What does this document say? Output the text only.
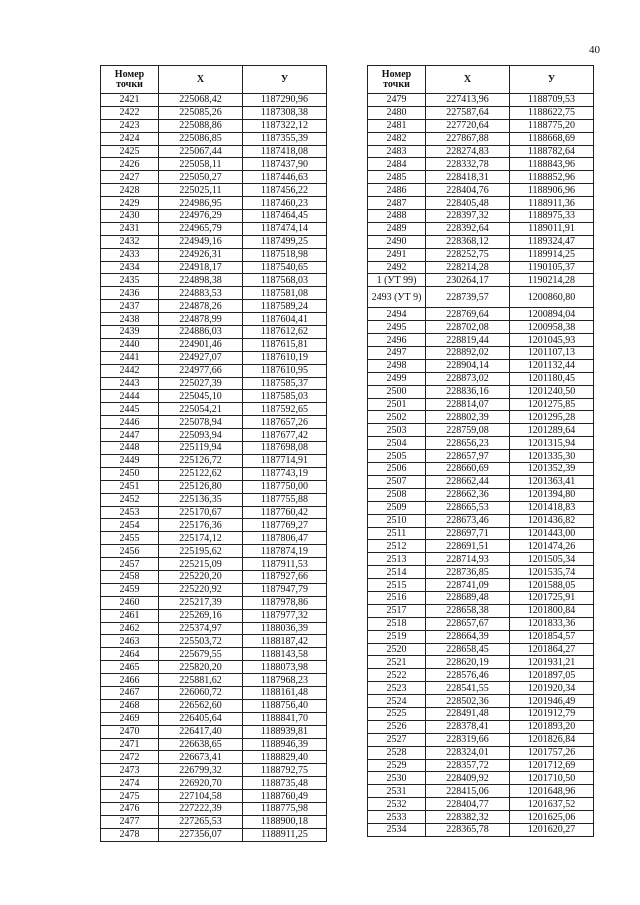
40
Номер точки	X	У
2421	225068,42	1187290,96
2422	225085,26	1187308,38
2423	225088,86	1187322,12
2424	225086,85	1187355,39
2425	225067,44	1187418,08
2426	225058,11	1187437,90
2427	225050,27	1187446,63
2428	225025,11	1187456,22
2429	224986,95	1187460,23
2430	224976,29	1187464,45
2431	224965,79	1187474,14
2432	224949,16	1187499,25
2433	224926,31	1187518,98
2434	224918,17	1187540,65
2435	224898,38	1187568,03
2436	224883,53	1187581,08
2437	224878,26	1187589,24
2438	224878,99	1187604,41
2439	224886,03	1187612,62
2440	224901,46	1187615,81
2441	224927,07	1187610,19
2442	224977,66	1187610,95
2443	225027,39	1187585,37
2444	225045,10	1187585,03
2445	225054,21	1187592,65
2446	225078,94	1187657,26
2447	225093,94	1187677,42
2448	225119,94	1187698,08
2449	225126,72	1187714,91
2450	225122,62	1187743,19
2451	225126,80	1187750,00
2452	225136,35	1187755,88
2453	225170,67	1187760,42
2454	225176,36	1187769,27
2455	225174,12	1187806,47
2456	225195,62	1187874,19
2457	225215,09	1187911,53
2458	225220,20	1187927,66
2459	225220,92	1187947,79
2460	225217,39	1187978,86
2461	225269,16	1187977,32
2462	225374,97	1188036,39
2463	225503,72	1188187,42
2464	225679,55	1188143,58
2465	225820,20	1188073,98
2466	225881,62	1187968,23
2467	226060,72	1188161,48
2468	226562,60	1188756,40
2469	226405,64	1188841,70
2470	226417,40	1188939,81
2471	226638,65	1188946,39
2472	226673,41	1188829,40
2473	226799,32	1188792,75
2474	226920,70	1188735,48
2475	227104,58	1188760,49
2476	227222,39	1188775,98
2477	227265,53	1188900,18
2478	227356,07	1188911,25
Номер точки	X	У
2479	227413,96	1188709,53
2480	227587,64	1188622,75
2481	227720,64	1188775,20
2482	227867,88	1188668,69
2483	228274,83	1188782,64
2484	228332,78	1188843,96
2485	228418,31	1188852,96
2486	228404,76	1188906,96
2487	228405,48	1188911,36
2488	228397,32	1188975,33
2489	228392,64	1189011,91
2490	228368,12	1189324,47
2491	228252,75	1189914,25
2492	228214,28	1190105,37
1 (УТ 99)	230264,17	1190214,28
2493 (УТ 9)	228739,57	1200860,80
2494	228769,64	1200894,04
2495	228702,08	1200958,38
2496	228819,44	1201045,93
2497	228892,02	1201107,13
2498	228904,14	1201132,44
2499	228873,02	1201180,45
2500	228836,16	1201240,50
2501	228814,07	1201275,85
2502	228802,39	1201295,28
2503	228759,08	1201289,64
2504	228656,23	1201315,94
2505	228657,97	1201335,30
2506	228660,69	1201352,39
2507	228662,44	1201363,41
2508	228662,36	1201394,80
2509	228665,53	1201418,83
2510	228673,46	1201436,82
2511	228697,71	1201443,00
2512	228691,51	1201474,26
2513	228714,93	1201505,34
2514	228736,85	1201535,74
2515	228741,09	1201588,05
2516	228689,48	1201725,91
2517	228658,38	1201800,84
2518	228657,67	1201833,36
2519	228664,39	1201854,57
2520	228658,45	1201864,27
2521	228620,19	1201931,21
2522	228576,46	1201897,05
2523	228541,55	1201920,34
2524	228502,36	1201946,49
2525	228491,48	1201912,79
2526	228378,41	1201893,20
2527	228319,66	1201826,84
2528	228324,01	1201757,26
2529	228357,72	1201712,69
2530	228409,92	1201710,50
2531	228415,06	1201648,96
2532	228404,77	1201637,52
2533	228382,32	1201625,06
2534	228365,78	1201620,27
